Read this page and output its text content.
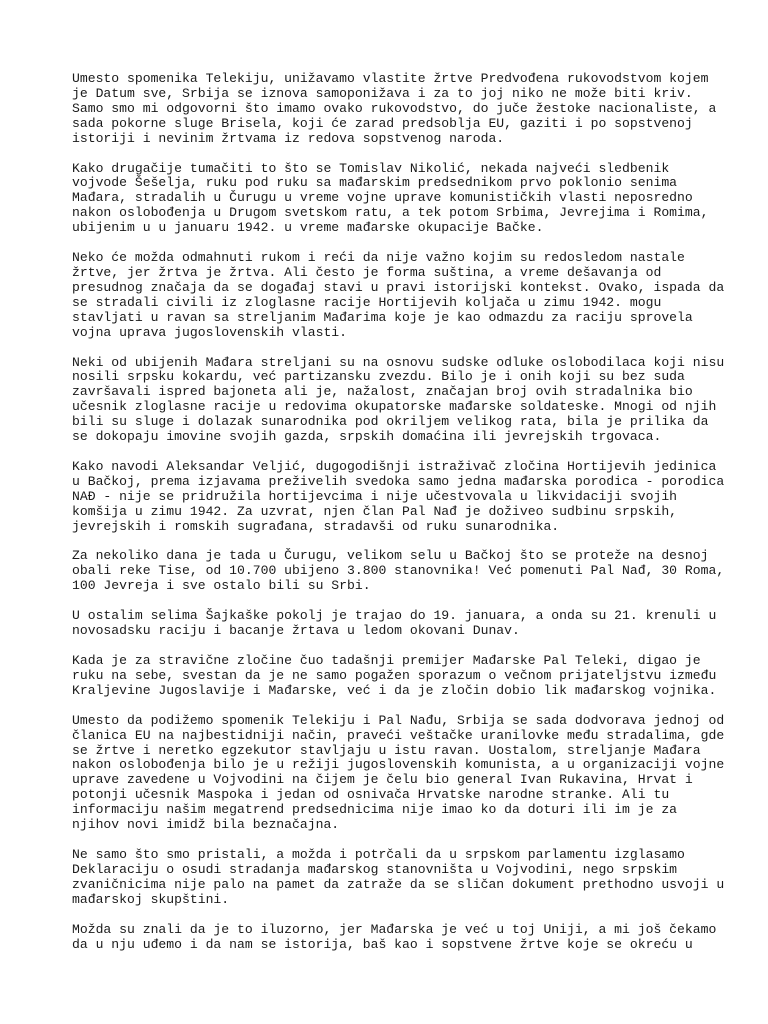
Umesto spomenika Telekiju, unižavamo vlastite žrtve Predvođena rukovodstvom kojem
je Datum sve, Srbija se iznova samoponižava i za to joj niko ne može biti kriv.
Samo smo mi odgovorni što imamo ovako rukovodstvo, do juče žestoke nacionaliste, a
sada pokorne sluge Brisela, koji će zarad predsoblja EU, gaziti i po sopstvenoj
istoriji i nevinim žrtvama iz redova sopstvenog naroda.
Kako drugačije tumačiti to što se Tomislav Nikolić, nekada najveći sledbenik
vojvode Šešelja, ruku pod ruku sa mađarskim predsednikom prvo poklonio senima
Mađara, stradalih u Čurugu u vreme vojne uprave komunističkih vlasti neposredno
nakon oslobođenja u Drugom svetskom ratu, a tek potom Srbima, Jevrejima i Romima,
ubijenim u u januaru 1942. u vreme mađarske okupacije Bačke.
Neko će možda odmahnuti rukom i reći da nije važno kojim su redosledom nastale
žrtve, jer žrtva je žrtva. Ali često je forma suština, a vreme dešavanja od
presudnog značaja da se događaj stavi u pravi istorijski kontekst. Ovako, ispada da
se stradali civili iz zloglasne racije Hortijevih koljača u zimu 1942. mogu
stavljati u ravan sa streljanim Mađarima koje je kao odmazdu za raciju sprovela
vojna uprava jugoslovenskih vlasti.
Neki od ubijenih Mađara streljani su na osnovu sudske odluke oslobodilaca koji nisu
nosili srpsku kokardu, već partizansku zvezdu. Bilo je i onih koji su bez suda
završavali ispred bajoneta ali je, nažalost, značajan broj ovih stradalnika bio
učesnik zloglasne racije u redovima okupatorske mađarske soldateske. Mnogi od njih
bili su sluge i dolazak sunarodnika pod okriljem velikog rata, bila je prilika da
se dokopaju imovine svojih gazda, srpskih domaćina ili jevrejskih trgovaca.
Kako navodi Aleksandar Veljić, dugogodišnji istraživač zločina Hortijevih jedinica
u Bačkoj, prema izjavama preživelih svedoka samo jedna mađarska porodica - porodica
NAĐ - nije se pridružila hortijevcima i nije učestvovala u likvidaciji svojih
komšija u zimu 1942. Za uzvrat, njen član Pal Nađ je doživeo sudbinu srpskih,
jevrejskih i romskih sugrađana, stradavši od ruku sunarodnika.
Za nekoliko dana je tada u Čurugu, velikom selu u Bačkoj što se proteže na desnoj
obali reke Tise, od 10.700 ubijeno 3.800 stanovnika! Već pomenuti Pal Nađ, 30 Roma,
100 Jevreja i sve ostalo bili su Srbi.
U ostalim selima Šajkaške pokolj je trajao do 19. januara, a onda su 21. krenuli u
novosadsku raciju i bacanje žrtava u ledom okovani Dunav.
Kada je za stravične zločine čuo tadašnji premijer Mađarske Pal Teleki, digao je
ruku na sebe, svestan da je ne samo pogažen sporazum o večnom prijateljstvu između
Kraljevine Jugoslavije i Mađarske, već i da je zločin dobio lik mađarskog vojnika.
Umesto da podižemo spomenik Telekiju i Pal Nađu, Srbija se sada dodvorava jednoj od
članica EU na najbestidniji način, praveći veštačke uranilovke među stradalima, gde
se žrtve i neretko egzekutor stavljaju u istu ravan. Uostalom, streljanje Mađara
nakon oslobođenja bilo je u režiji jugoslovenskih komunista, a u organizaciji vojne
uprave zavedene u Vojvodini na čijem je čelu bio general Ivan Rukavina, Hrvat i
potonji učesnik Maspoka i jedan od osnivača Hrvatske narodne stranke. Ali tu
informaciju našim megatrend predsednicima nije imao ko da doturi ili im je za
njihov novi imidž bila beznačajna.
Ne samo što smo pristali, a možda i potrčali da u srpskom parlamentu izglasamo
Deklaraciju o osudi stradanja mađarskog stanovništa u Vojvodini, nego srpskim
zvaničnicima nije palo na pamet da zatraže da se sličan dokument prethodno usvoji u
mađarskoj skupštini.
Možda su znali da je to iluzorno, jer Mađarska je već u toj Uniji, a mi još čekamo
da u nju uđemo i da nam se istorija, baš kao i sopstvene žrtve koje se okreću u
